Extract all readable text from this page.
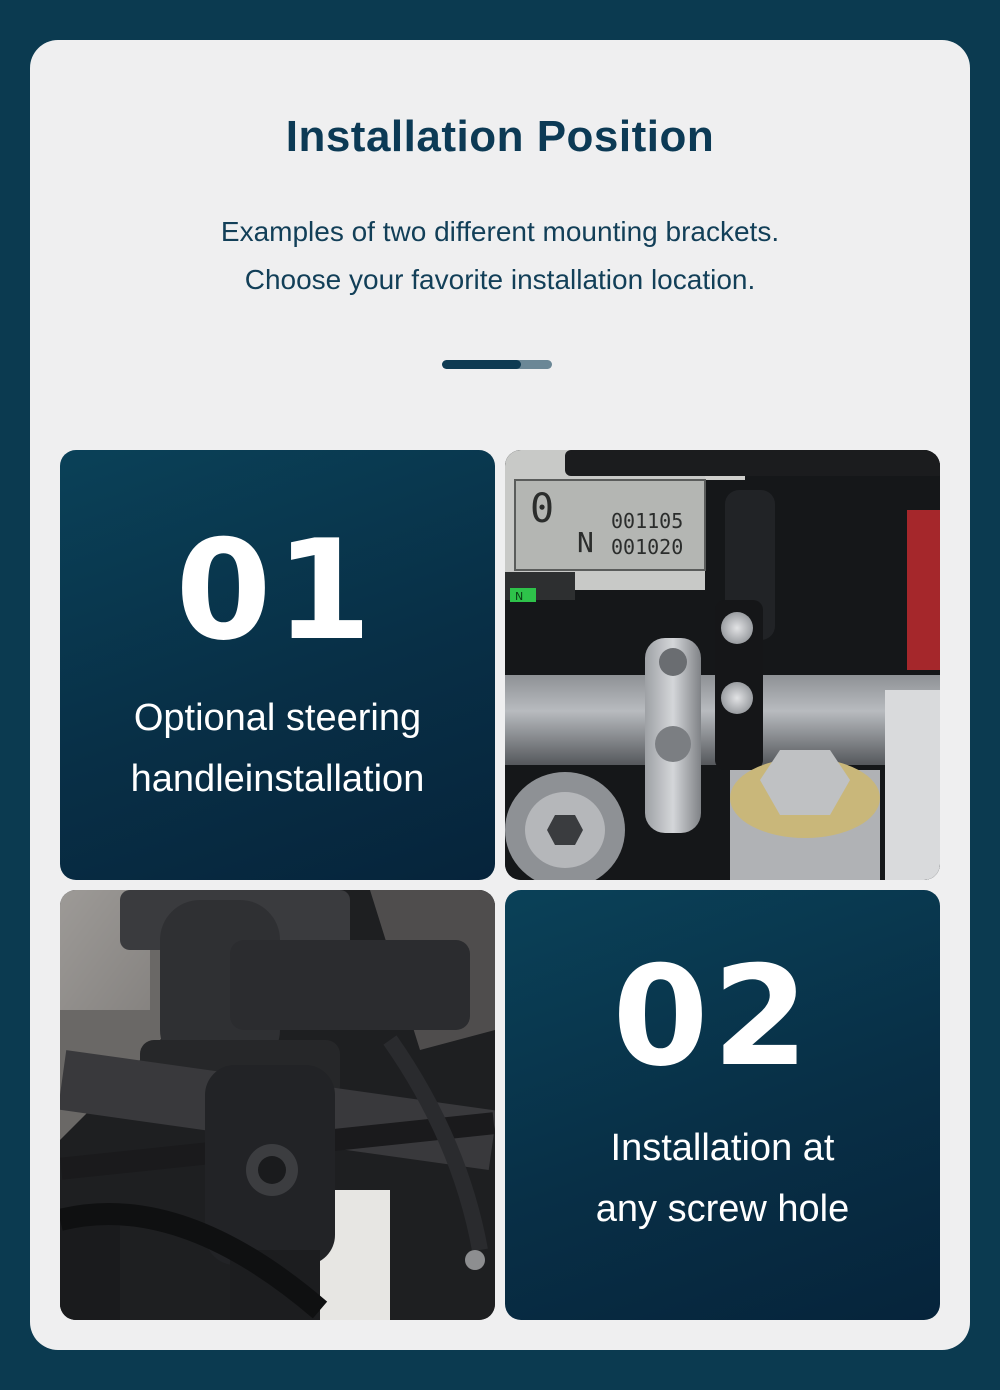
Installation Position
Examples of two different mounting brackets.
Choose your favorite installation location.
01
Optional steering
handleinstallation
0
N
001105
001020
N
02
Installation at
any screw hole
